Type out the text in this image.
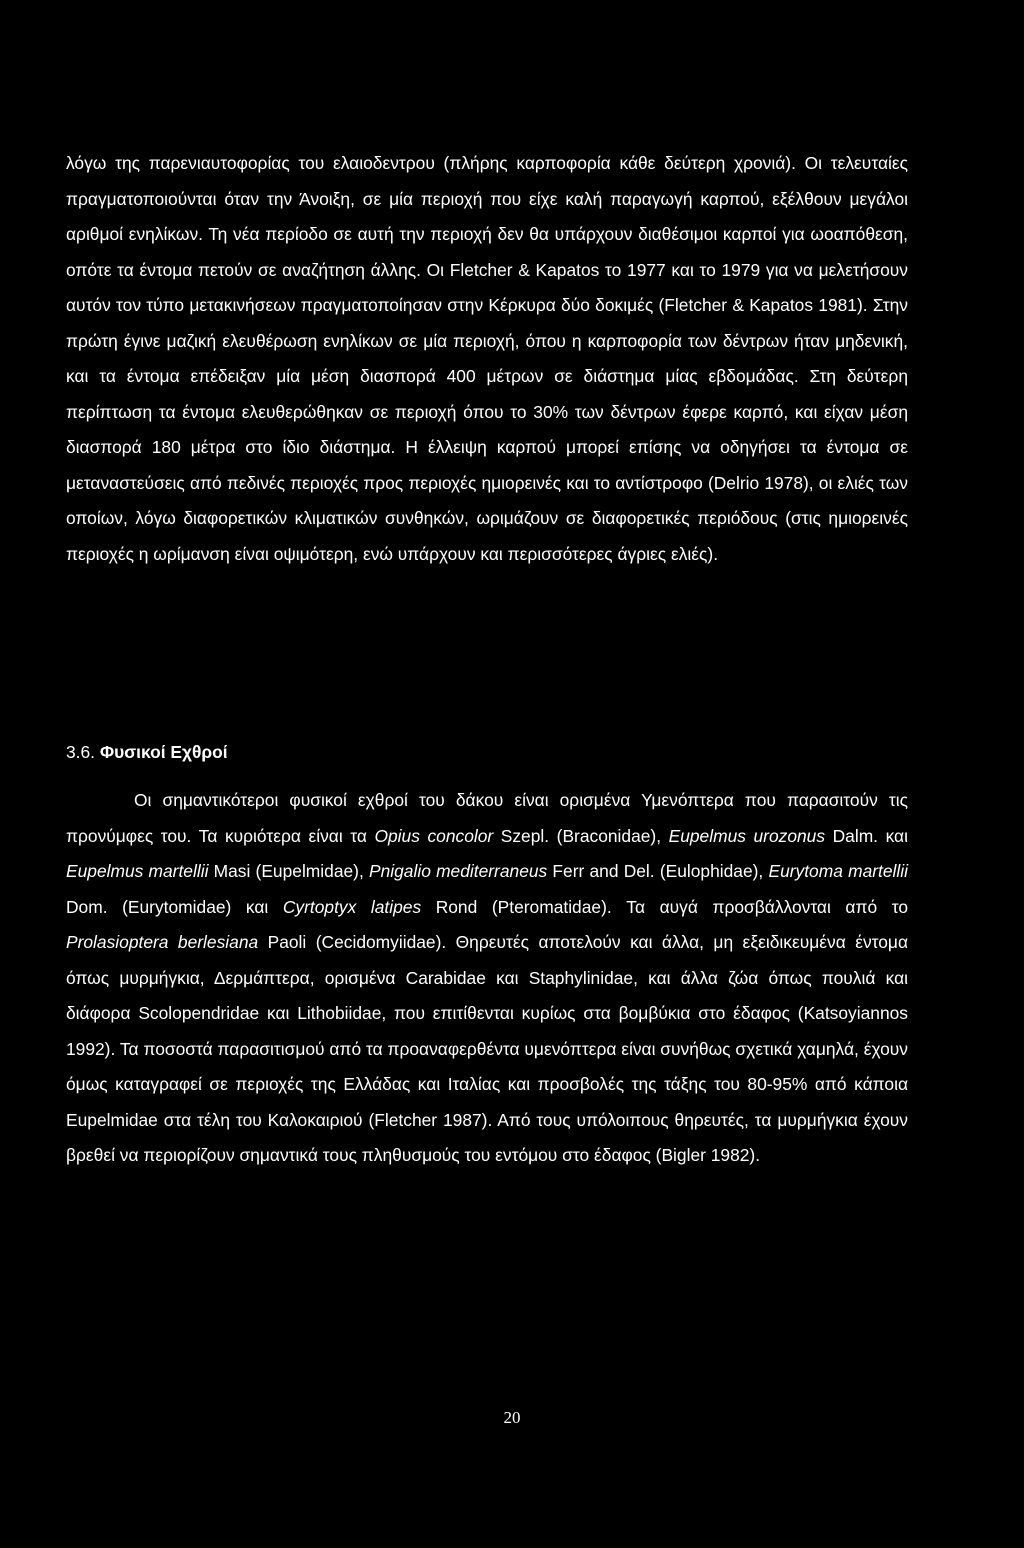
λόγω της παρενιαυτοφορίας του ελαιοδεντρου (πλήρης καρποφορία κάθε δεύτερη χρονιά). Οι τελευταίες πραγματοποιούνται όταν την Άνοιξη, σε μία περιοχή που είχε καλή παραγωγή καρπού, εξέλθουν μεγάλοι αριθμοί ενηλίκων. Τη νέα περίοδο σε αυτή την περιοχή δεν θα υπάρχουν διαθέσιμοι καρποί για ωοαπόθεση, οπότε τα έντομα πετούν σε αναζήτηση άλλης. Οι Fletcher & Kapatos το 1977 και το 1979 για να μελετήσουν αυτόν τον τύπο μετακινήσεων πραγματοποίησαν στην Κέρκυρα δύο δοκιμές (Fletcher & Kapatos 1981). Στην πρώτη έγινε μαζική ελευθέρωση ενηλίκων σε μία περιοχή, όπου η καρποφορία των δέντρων ήταν μηδενική, και τα έντομα επέδειξαν μία μέση διασπορά 400 μέτρων σε διάστημα μίας εβδομάδας. Στη δεύτερη περίπτωση τα έντομα ελευθερώθηκαν σε περιοχή όπου το 30% των δέντρων έφερε καρπό, και είχαν μέση διασπορά 180 μέτρα στο ίδιο διάστημα. Η έλλειψη καρπού μπορεί επίσης να οδηγήσει τα έντομα σε μεταναστεύσεις από πεδινές περιοχές προς περιοχές ημιορεινές και το αντίστροφο (Delrio 1978), οι ελιές των οποίων, λόγω διαφορετικών κλιματικών συνθηκών, ωριμάζουν σε διαφορετικές περιόδους (στις ημιορεινές περιοχές η ωρίμανση είναι οψιμότερη, ενώ υπάρχουν και περισσότερες άγριες ελιές).

3.6. Φυσικοί Εχθροί

Οι σημαντικότεροι φυσικοί εχθροί του δάκου είναι ορισμένα Υμενόπτερα που παρασιτούν τις προνύμφες του. Τα κυριότερα είναι τα Opius concolor Szepl. (Braconidae), Eupelmus urozonus Dalm. και Eupelmus martellii Masi (Eupelmidae), Pnigalio mediterraneus Ferr and Del. (Eulophidae), Eurytoma martellii Dom. (Eurytomidae) και Cyrtoptyx latipes Rond (Pteromatidae). Τα αυγά προσβάλλονται από το Prolasioptera berlesiana Paoli (Cecidomyiidae). Θηρευτές αποτελούν και άλλα, μη εξειδικευμένα έντομα όπως μυρμήγκια, Δερμάπτερα, ορισμένα Carabidae και Staphylinidae, και άλλα ζώα όπως πουλιά και διάφορα Scolopendridae και Lithobiidae, που επιτίθενται κυρίως στα βομβύκια στο έδαφος (Katsoyiannos 1992). Τα ποσοστά παρασιτισμού από τα προαναφερθέντα υμενόπτερα είναι συνήθως σχετικά χαμηλά, έχουν όμως καταγραφεί σε περιοχές της Ελλάδας και Ιταλίας και προσβολές της τάξης του 80-95% από κάποια Eupelmidae στα τέλη του Καλοκαιριού (Fletcher 1987). Από τους υπόλοιπους θηρευτές, τα μυρμήγκια έχουν βρεθεί να περιορίζουν σημαντικά τους πληθυσμούς του εντόμου στο έδαφος (Bigler 1982).

20
